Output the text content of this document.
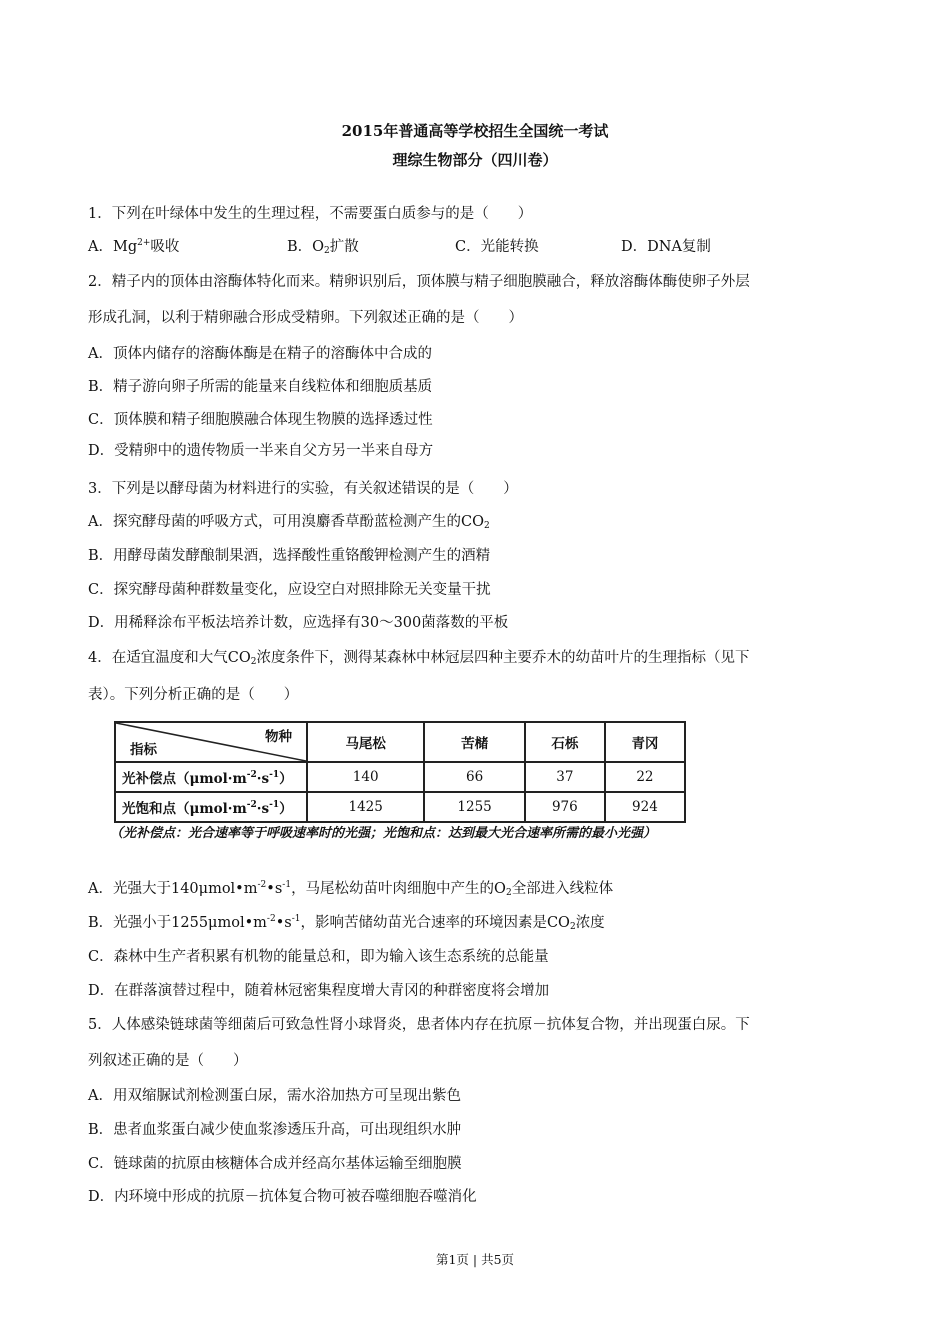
2015年普通高等学校招生全国统一考试
理综生物部分（四川卷）
1．下列在叶绿体中发生的生理过程，不需要蛋白质参与的是（　　）
A．$Mg^{2+}$吸收	B．$O_2$扩散	C．光能转换	D．DNA复制
2．精子内的顶体由溶酶体特化而来。精卵识别后，顶体膜与精子细胞膜融合，释放溶酶体酶使卵子外层
形成孔洞，以利于精卵融合形成受精卵。下列叙述正确的是（　　）
A．顶体内储存的溶酶体酶是在精子的溶酶体中合成的
B．精子游向卵子所需的能量来自线粒体和细胞质基质
C．顶体膜和精子细胞膜融合体现生物膜的选择透过性
D．受精卵中的遗传物质一半来自父方另一半来自母方
3．下列是以酵母菌为材料进行的实验，有关叙述错误的是（　　）
A．探究酵母菌的呼吸方式，可用溴麝香草酚蓝检测产生的$CO_2$
B．用酵母菌发酵酿制果酒，选择酸性重铬酸钾检测产生的酒精
C．探究酵母菌种群数量变化，应设空白对照排除无关变量干扰
D．用稀释涂布平板法培养计数，应选择有30～300菌落数的平板
4．在适宜温度和大气$CO_2$浓度条件下，测得某森林中林冠层四种主要乔木的幼苗叶片的生理指标（见下
表）。下列分析正确的是（　　）
物种
指标	马尾松	苦槠	石栎	青冈
光补偿点$(\mu mol\cdot m^{-2}\cdot s^{-1})$	140	66	37	22
光饱和点$(\mu mol\cdot m^{-2}\cdot s^{-1})$	1425	1255	976	924
（光补偿点：光合速率等于呼吸速率时的光强；光饱和点：达到最大光合速率所需的最小光强）
A．光强大于$140\mu mol•m^{-2}•s^{-1}$，马尾松幼苗叶肉细胞中产生的$O_2$全部进入线粒体
B．光强小于$1255\mu mol•m^{-2}•s^{-1}$，影响苦储幼苗光合速率的环境因素是$CO_2$浓度
C．森林中生产者积累有机物的能量总和，即为输入该生态系统的总能量
D．在群落演替过程中，随着林冠密集程度增大青冈的种群密度将会增加
5．人体感染链球菌等细菌后可致急性肾小球肾炎，患者体内存在抗原－抗体复合物，并出现蛋白尿。下
列叙述正确的是（　　）
A．用双缩脲试剂检测蛋白尿，需水浴加热方可呈现出紫色
B．患者血浆蛋白减少使血浆渗透压升高，可出现组织水肿
C．链球菌的抗原由核糖体合成并经高尔基体运输至细胞膜
D．内环境中形成的抗原－抗体复合物可被吞噬细胞吞噬消化
第1页 | 共5页
